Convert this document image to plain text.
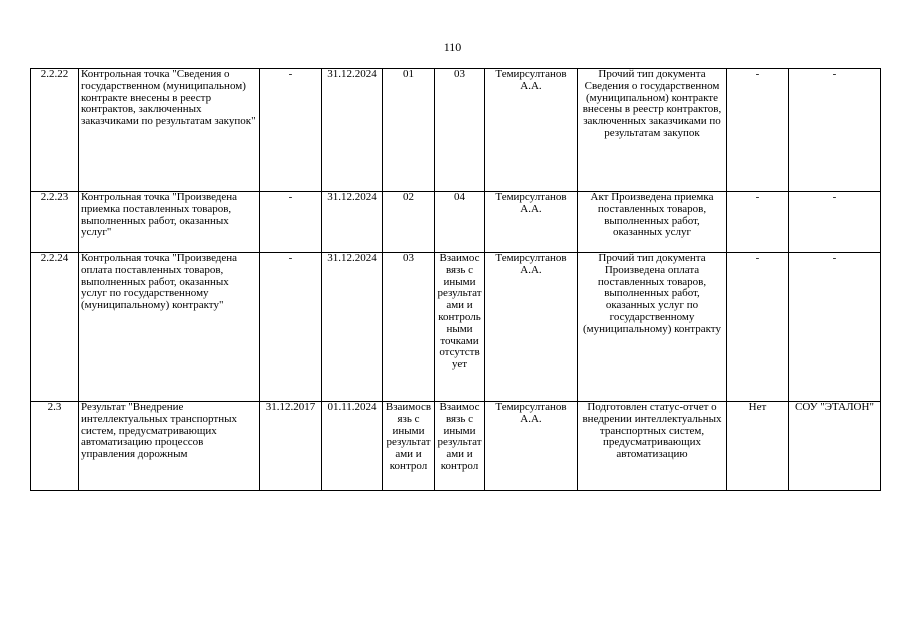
110
2.2.22	Контрольная точка "Сведения о государственном (муниципальном) контракте внесены в реестр контрактов, заключенных заказчиками по результатам закупок"	-	31.12.2024	01	03	Темирсултанов А.А.	Прочий тип документа Сведения о государственном (муниципальном) контракте внесены в реестр контрактов, заключенных заказчиками по результатам закупок	-	-
2.2.23	Контрольная точка "Произведена приемка поставленных товаров, выполненных работ, оказанных услуг"	-	31.12.2024	02	04	Темирсултанов А.А.	Акт Произведена приемка поставленных товаров, выполненных работ, оказанных услуг	-	-
2.2.24	Контрольная точка "Произведена оплата поставленных товаров, выполненных работ, оказанных услуг по государственному (муниципальному) контракту"	-	31.12.2024	03	Взаимосвязь с иными результатами и контрольными точками отсутствует	Темирсултанов А.А.	Прочий тип документа Произведена оплата поставленных товаров, выполненных работ, оказанных услуг по государственному (муниципальному) контракту	-	-
2.3	Результат "Внедрение интеллектуальных транспортных систем, предусматривающих автоматизацию процессов управления дорожным	31.12.2017	01.11.2024	Взаимосвязь с иными результатами и контрол	Взаимосвязь с иными результатами и контрол	Темирсултанов А.А.	Подготовлен статус-отчет о внедрении интеллектуальных транспортных систем, предусматривающих автоматизацию	Нет	СОУ "ЭТАЛОН"
